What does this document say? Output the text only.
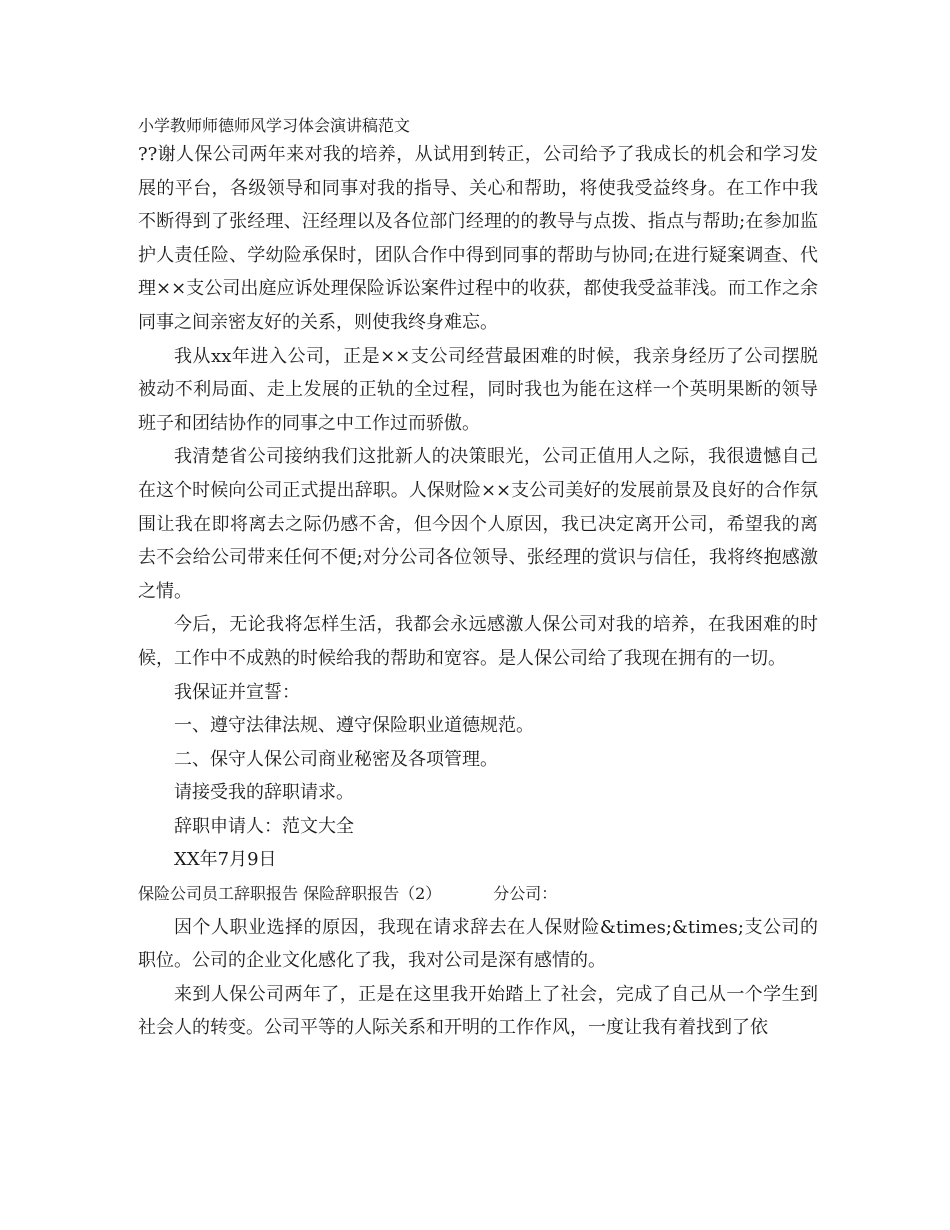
小学教师师德师风学习体会演讲稿范文

??谢人保公司两年来对我的培养，从试用到转正，公司给予了我成长的机会和学习发展的平台，各级领导和同事对我的指导、关心和帮助，将使我受益终身。在工作中我不断得到了张经理、汪经理以及各位部门经理的的教导与点拨、指点与帮助;在参加监护人责任险、学幼险承保时，团队合作中得到同事的帮助与协同;在进行疑案调查、代理××支公司出庭应诉处理保险诉讼案件过程中的收获，都使我受益菲浅。而工作之余同事之间亲密友好的关系，则使我终身难忘。

我从xx年进入公司，正是××支公司经营最困难的时候，我亲身经历了公司摆脱被动不利局面、走上发展的正轨的全过程，同时我也为能在这样一个英明果断的领导班子和团结协作的同事之中工作过而骄傲。

我清楚省公司接纳我们这批新人的决策眼光，公司正值用人之际，我很遗憾自己在这个时候向公司正式提出辞职。人保财险××支公司美好的发展前景及良好的合作氛围让我在即将离去之际仍感不舍，但今因个人原因，我已决定离开公司，希望我的离去不会给公司带来任何不便;对分公司各位领导、张经理的赏识与信任，我将终抱感激之情。

今后，无论我将怎样生活，我都会永远感激人保公司对我的培养，在我困难的时候，工作中不成熟的时候给我的帮助和宽容。是人保公司给了我现在拥有的一切。

我保证并宣誓：
一、遵守法律法规、遵守保险职业道德规范。
二、保守人保公司商业秘密及各项管理。
请接受我的辞职请求。
辞职申请人：范文大全
XX年7月9日
保险公司员工辞职报告 保险辞职报告（2）	分公司：

因个人职业选择的原因，我现在请求辞去在人保财险&times;&times;支公司的职位。公司的企业文化感化了我，我对公司是深有感情的。

来到人保公司两年了，正是在这里我开始踏上了社会，完成了自己从一个学生到社会人的转变。公司平等的人际关系和开明的工作作风，一度让我有着找到了依
